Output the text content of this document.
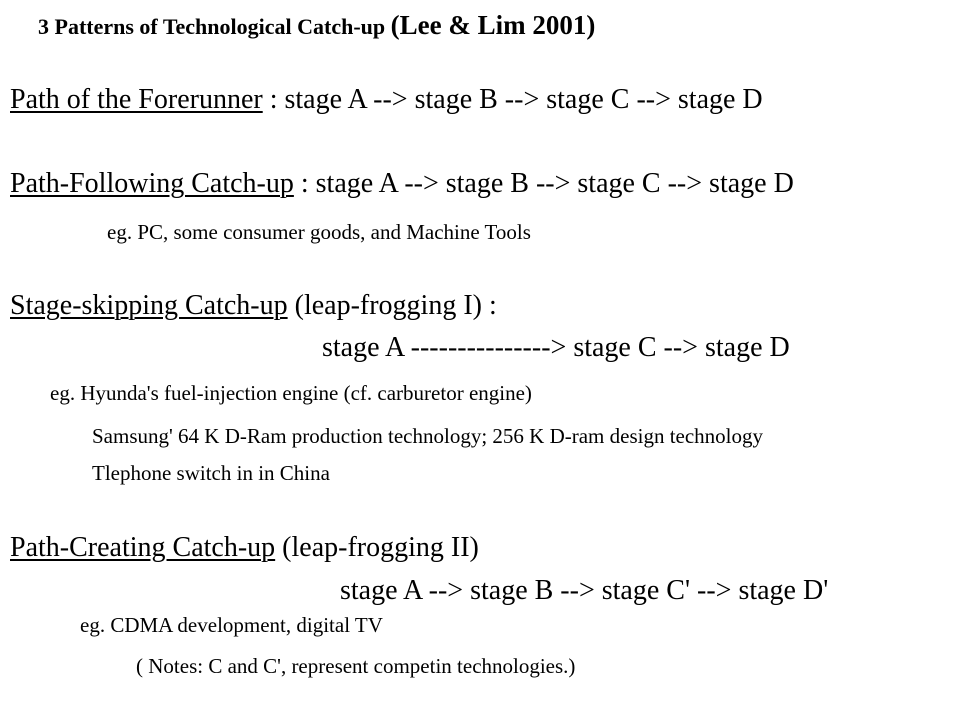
3 Patterns of Technological Catch-up (Lee & Lim 2001)
Path of the Forerunner : stage A --> stage B --> stage C --> stage D
Path-Following Catch-up : stage A --> stage B --> stage C --> stage D
eg. PC, some consumer goods, and Machine Tools
Stage-skipping Catch-up (leap-frogging I) :
stage A ---------------> stage C --> stage D
eg. Hyunda's fuel-injection engine (cf. carburetor engine)
Samsung' 64 K D-Ram production technology; 256 K D-ram design technology
Tlephone switch in in China
Path-Creating Catch-up (leap-frogging II)
stage A --> stage B --> stage C' --> stage D'
eg. CDMA development, digital TV
( Notes: C and C', represent competin technologies.)
